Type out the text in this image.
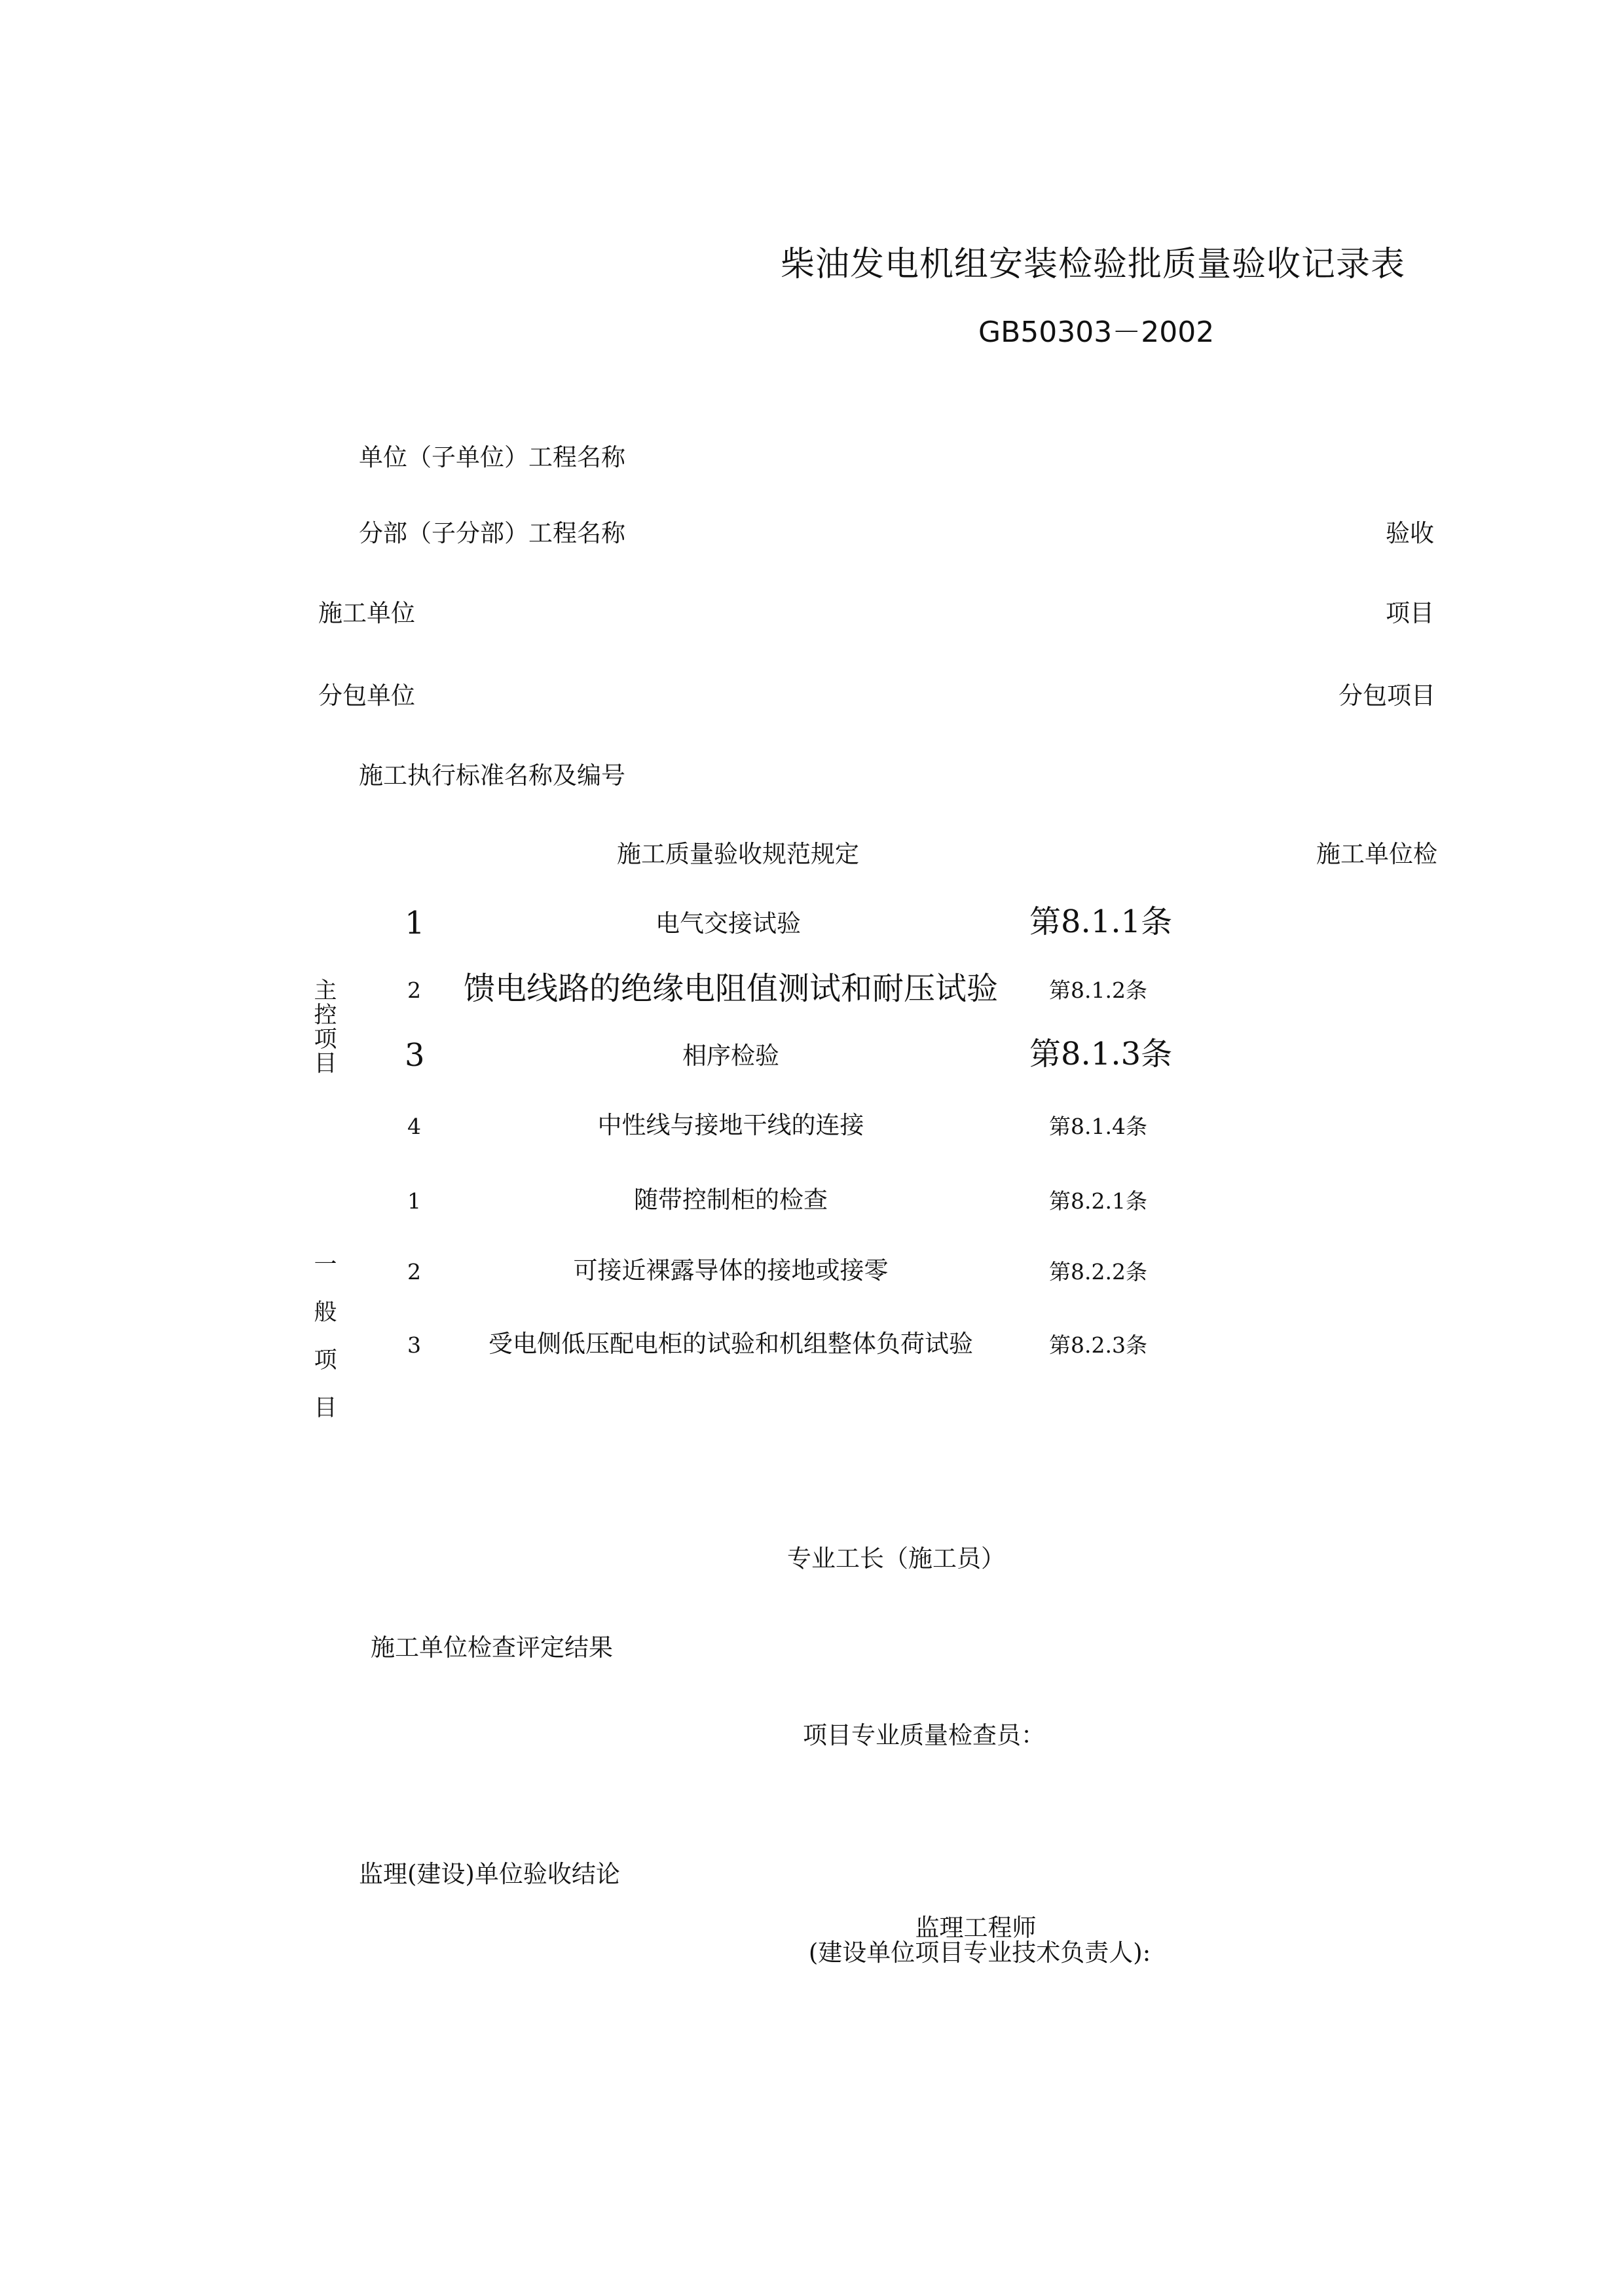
柴油发电机组安装检验批质量验收记录表
GB50303－2002
单位（子单位）工程名称
分部（子分部）工程名称	验收
施工单位	项目
分包单位	分包项目
施工执行标准名称及编号
施工质量验收规范规定	施工单位检
主控项目
1	电气交接试验	第8.1.1条
2 馈电线路的绝缘电阻值测试和耐压试验 第8.1.2条
3	相序检验	第8.1.3条
4	中性线与接地干线的连接	第8.1.4条
一般项目
1	随带控制柜的检查	第8.2.1条
2	可接近裸露导体的接地或接零	第8.2.2条
3	受电侧低压配电柜的试验和机组整体负荷试验	第8.2.3条
专业工长（施工员）
施工单位检查评定结果
项目专业质量检查员：
监理(建设)单位验收结论
监理工程师
(建设单位项目专业技术负责人):
